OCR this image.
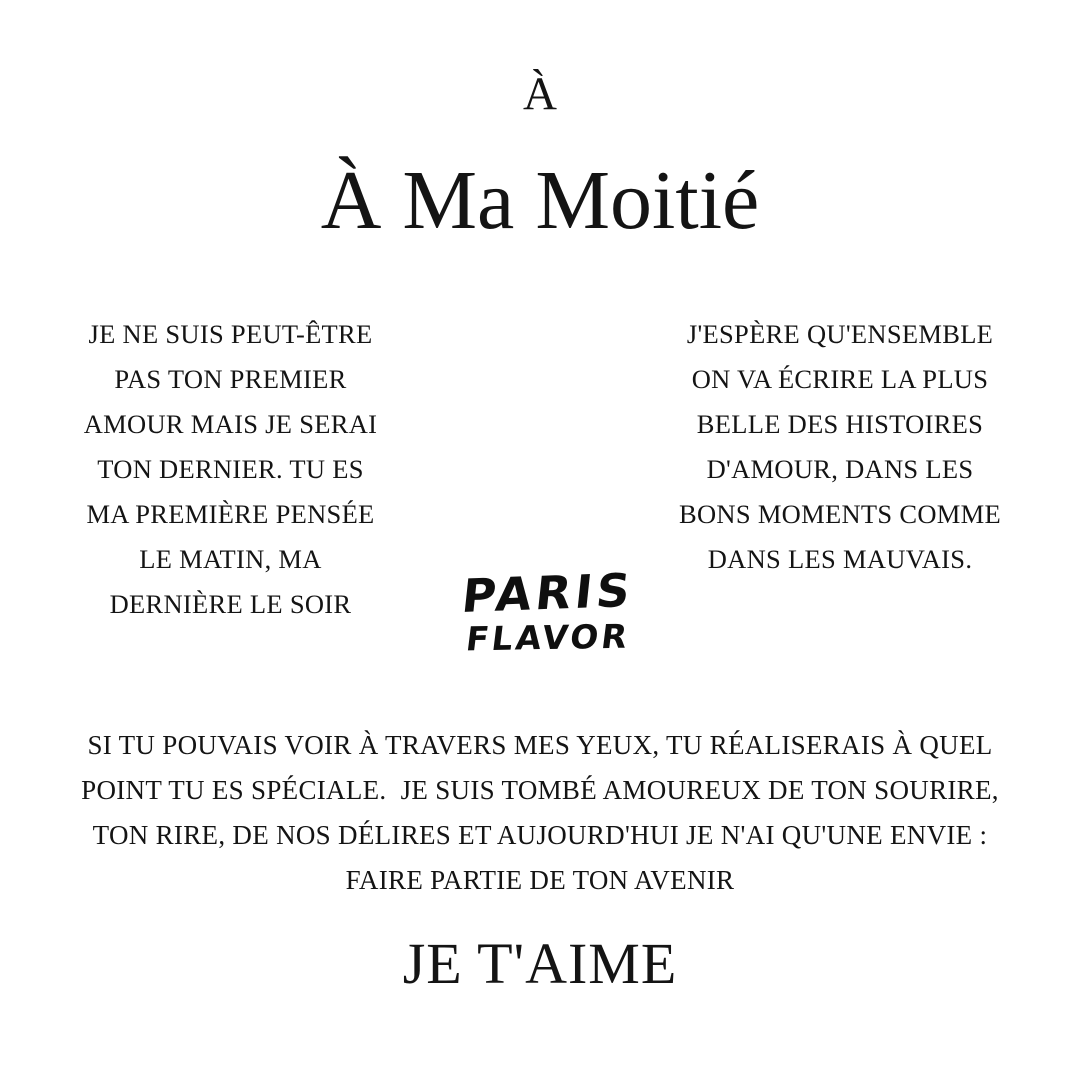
À
À Ma Moitié
JE NE SUIS PEUT-ÊTRE
PAS TON PREMIER
AMOUR MAIS JE SERAI
TON DERNIER. TU ES
MA PREMIÈRE PENSÉE
LE MATIN, MA
DERNIÈRE LE SOIR
J'ESPÈRE QU'ENSEMBLE
ON VA ÉCRIRE LA PLUS
BELLE DES HISTOIRES
D'AMOUR, DANS LES
BONS MOMENTS COMME
DANS LES MAUVAIS.
PARIS
FLAVOR
SI TU POUVAIS VOIR À TRAVERS MES YEUX, TU RÉALISERAIS À QUEL
POINT TU ES SPÉCIALE.  JE SUIS TOMBÉ AMOUREUX DE TON SOURIRE,
TON RIRE, DE NOS DÉLIRES ET AUJOURD'HUI JE N'AI QU'UNE ENVIE :
FAIRE PARTIE DE TON AVENIR
JE T'AIME
